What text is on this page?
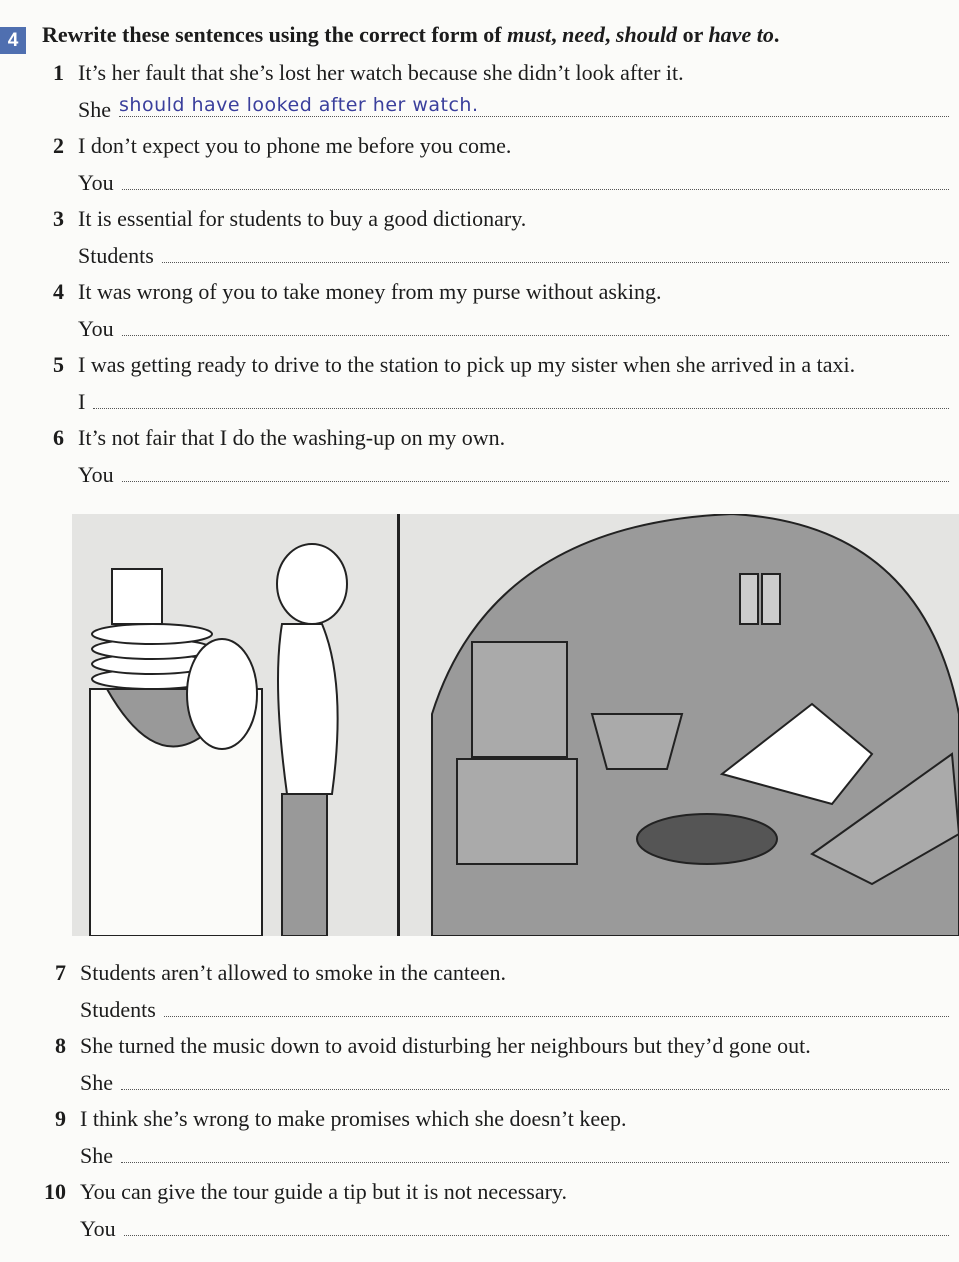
4	Rewrite these sentences using the correct form of must, need, should or have to.
1 It’s her fault that she’s lost her watch because she didn’t look after it.
She should have looked after her watch.
2 I don’t expect you to phone me before you come.
You
3 It is essential for students to buy a good dictionary.
Students
4 It was wrong of you to take money from my purse without asking.
You
5 I was getting ready to drive to the station to pick up my sister when she arrived in a taxi.
I
6 It’s not fair that I do the washing-up on my own.
You
7 Students aren’t allowed to smoke in the canteen.
Students
8 She turned the music down to avoid disturbing her neighbours but they’d gone out.
She
9 I think she’s wrong to make promises which she doesn’t keep.
She
10 You can give the tour guide a tip but it is not necessary.
You
